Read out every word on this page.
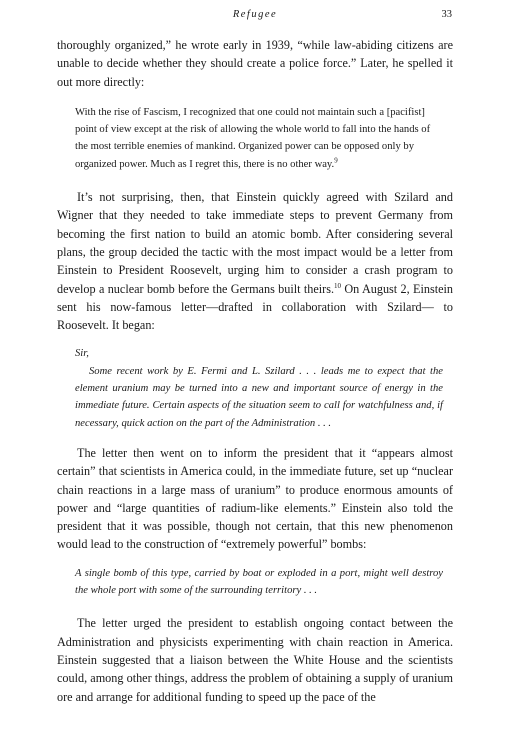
Refugee	33

thoroughly organized,” he wrote early in 1939, “while law-abiding citizens are unable to decide whether they should create a police force.” Later, he spelled it out more directly:

With the rise of Fascism, I recognized that one could not maintain such a [pacifist] point of view except at the risk of allowing the whole world to fall into the hands of the most terrible enemies of mankind. Organized power can be opposed only by organized power. Much as I regret this, there is no other way.$^9$

It’s not surprising, then, that Einstein quickly agreed with Szilard and Wigner that they needed to take immediate steps to prevent Germany from becoming the first nation to build an atomic bomb. After considering several plans, the group decided the tactic with the most impact would be a letter from Einstein to President Roosevelt, urging him to consider a crash program to develop a nuclear bomb before the Germans built theirs.$^{10}$ On August 2, Einstein sent his now-famous letter—drafted in collaboration with Szilard— to Roosevelt. It began:

Sir,
Some recent work by E. Fermi and L. Szilard . . . leads me to expect that the element uranium may be turned into a new and important source of energy in the immediate future. Certain aspects of the situation seem to call for watchfulness and, if necessary, quick action on the part of the Administration . . .

The letter then went on to inform the president that it “appears almost certain” that scientists in America could, in the immediate future, set up “nuclear chain reactions in a large mass of uranium” to produce enormous amounts of power and “large quantities of radium-like elements.” Einstein also told the president that it was possible, though not certain, that this new phenomenon would lead to the construction of “extremely powerful” bombs:

A single bomb of this type, carried by boat or exploded in a port, might well destroy the whole port with some of the surrounding territory . . .

The letter urged the president to establish ongoing contact between the Administration and physicists experimenting with chain reaction in America. Einstein suggested that a liaison between the White House and the scientists could, among other things, address the problem of obtaining a supply of uranium ore and arrange for additional funding to speed up the pace of the
